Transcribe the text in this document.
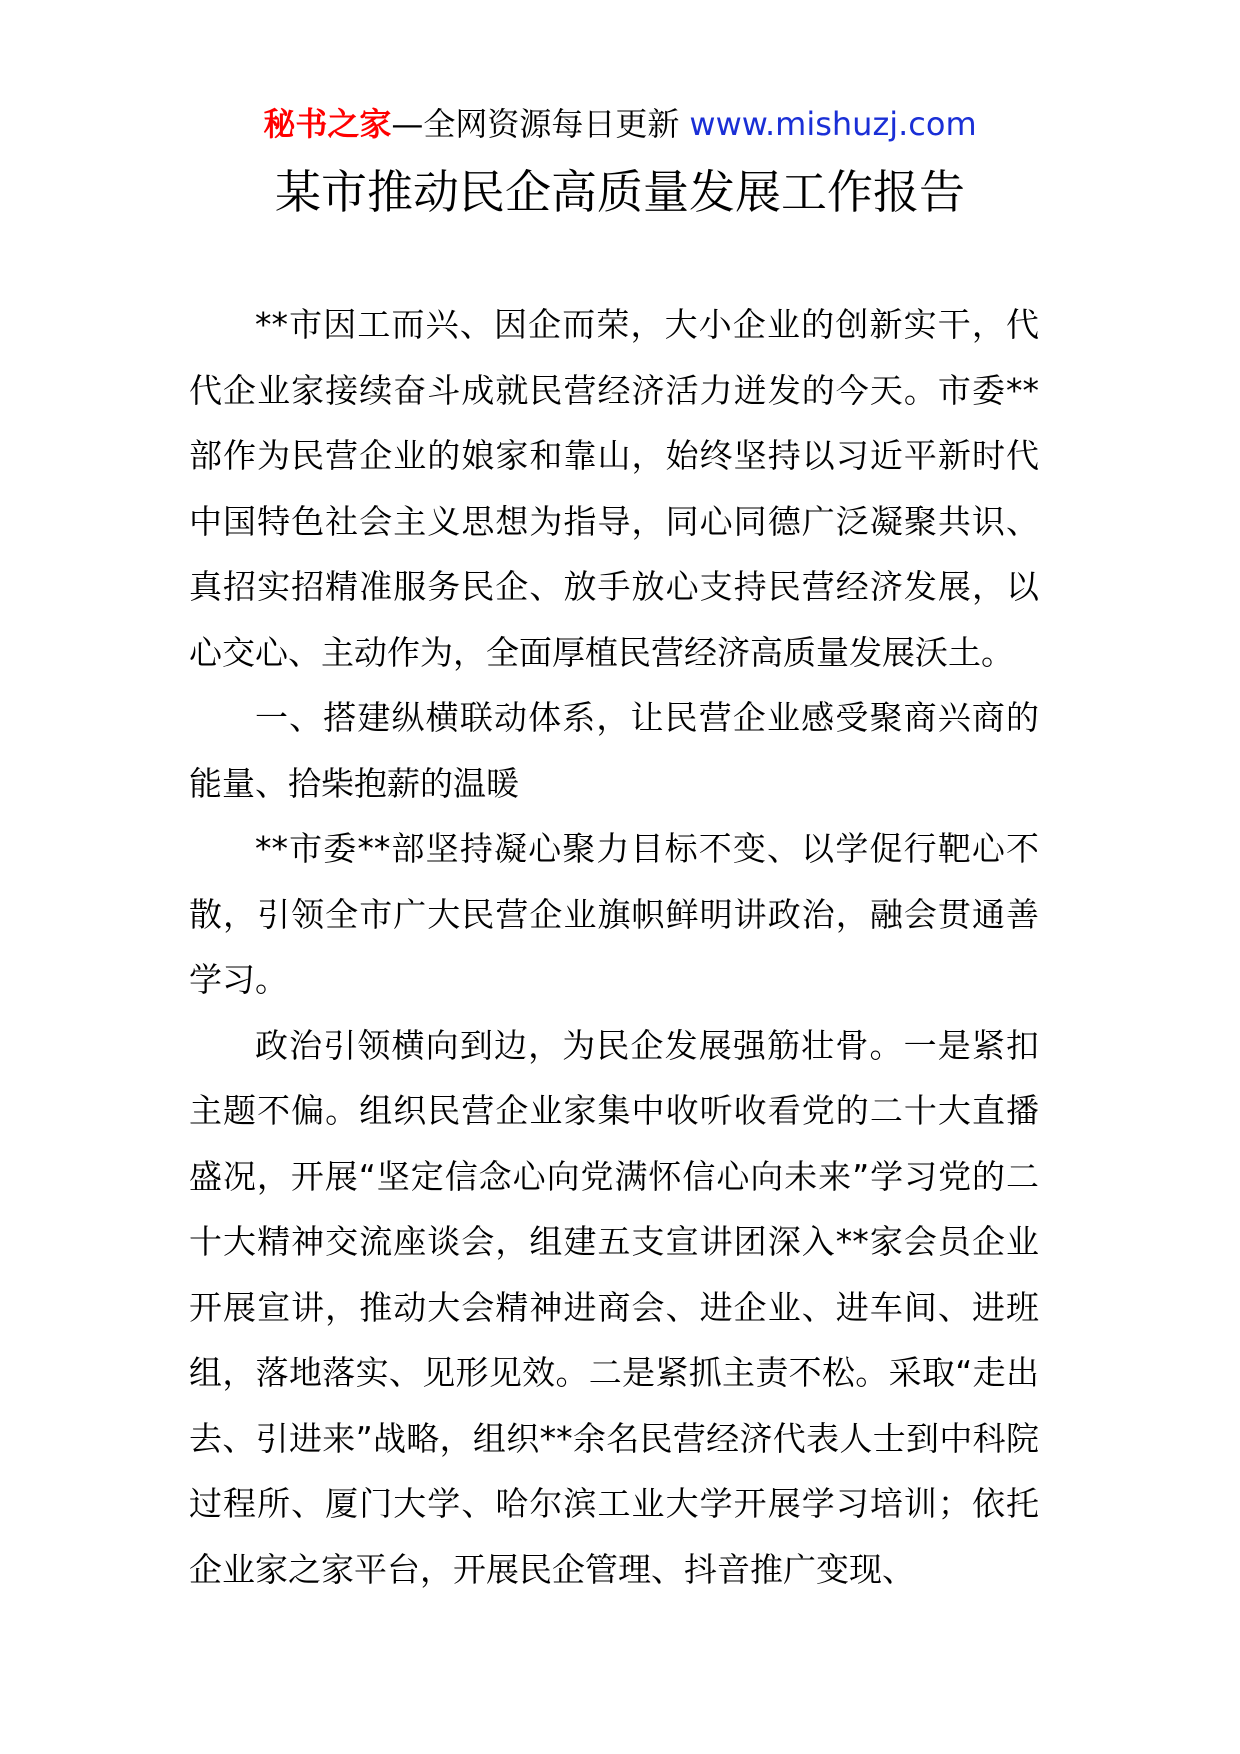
秘书之家—全网资源每日更新 www.mishuzj.com
某市推动民企高质量发展工作报告

**市因工而兴、因企而荣，大小企业的创新实干，代代企业家接续奋斗成就民营经济活力迸发的今天。市委**部作为民营企业的娘家和靠山，始终坚持以习近平新时代中国特色社会主义思想为指导，同心同德广泛凝聚共识、真招实招精准服务民企、放手放心支持民营经济发展，以心交心、主动作为，全面厚植民营经济高质量发展沃土。

一、搭建纵横联动体系，让民营企业感受聚商兴商的能量、拾柴抱薪的温暖

**市委**部坚持凝心聚力目标不变、以学促行靶心不散，引领全市广大民营企业旗帜鲜明讲政治，融会贯通善学习。

政治引领横向到边，为民企发展强筋壮骨。一是紧扣主题不偏。组织民营企业家集中收听收看党的二十大直播盛况，开展“坚定信念心向党满怀信心向未来”学习党的二十大精神交流座谈会，组建五支宣讲团深入**家会员企业开展宣讲，推动大会精神进商会、进企业、进车间、进班组，落地落实、见形见效。二是紧抓主责不松。采取“走出去、引进来”战略，组织**余名民营经济代表人士到中科院过程所、厦门大学、哈尔滨工业大学开展学习培训；依托企业家之家平台，开展民企管理、抖音推广变现、
